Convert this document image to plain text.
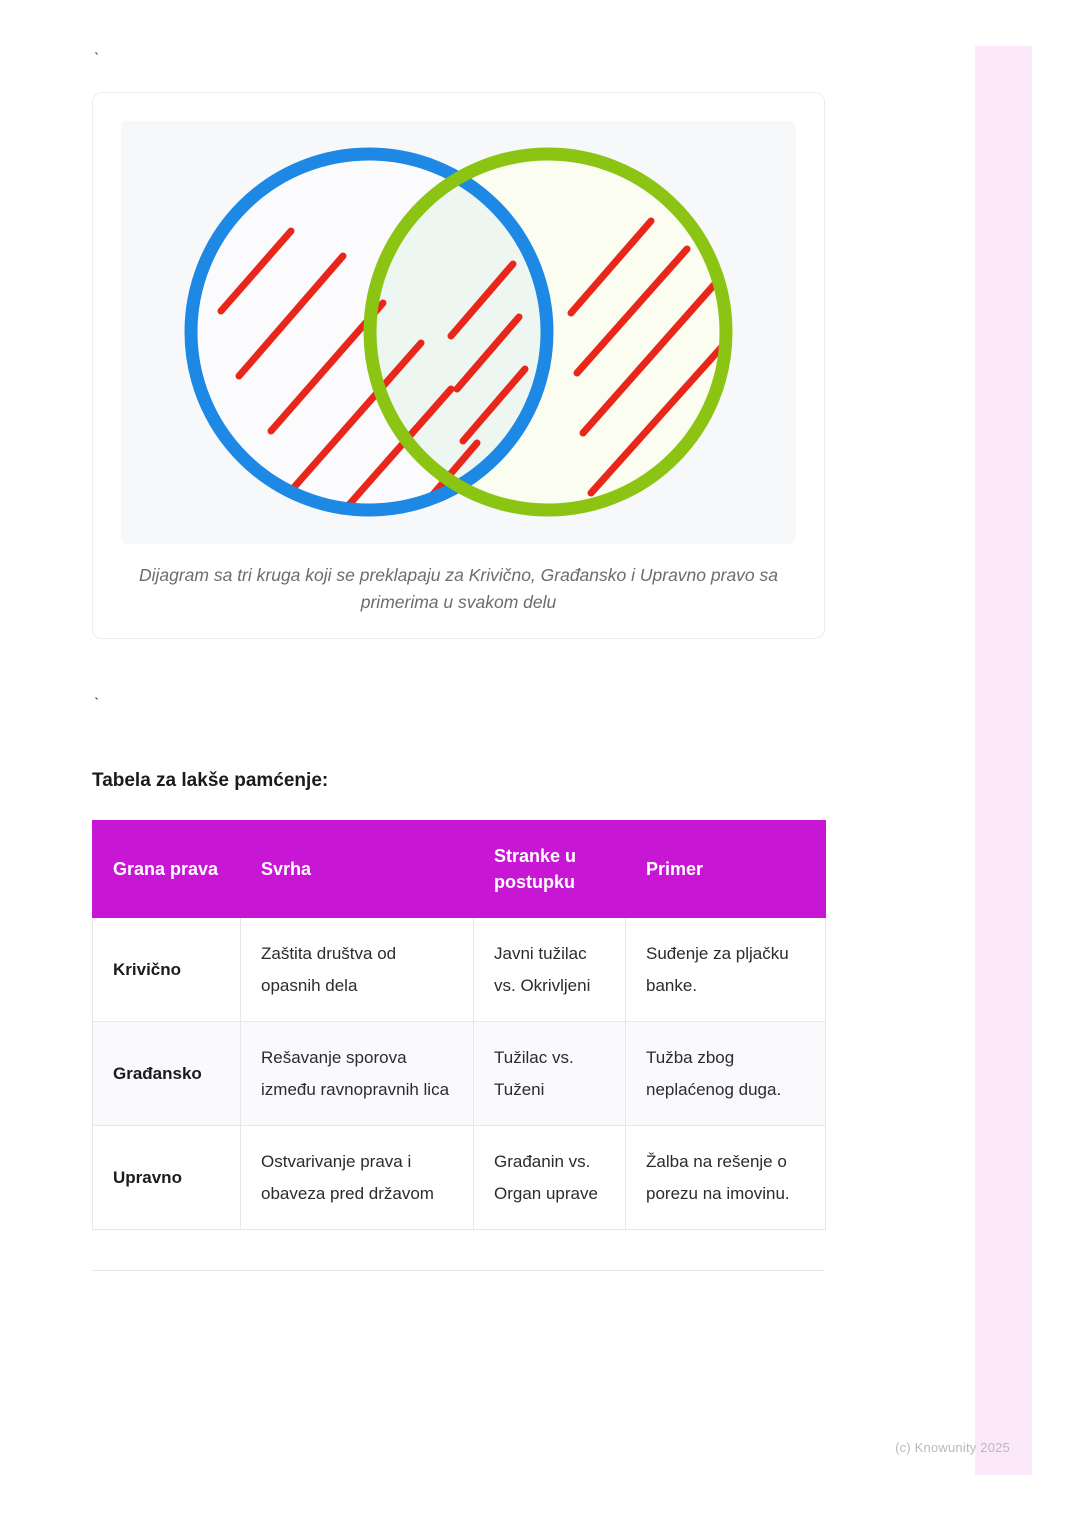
`
Dijagram sa tri kruga koji se preklapaju za Krivično, Građansko i Upravno pravo sa primerima u svakom delu
`
Tabela za lakše pamćenje:
Grana prava	Svrha	Stranke u postupku	Primer
Krivično	Zaštita društva od opasnih dela	Javni tužilac vs. Okrivljeni	Suđenje za pljačku banke.
Građansko	Rešavanje sporova između ravnopravnih lica	Tužilac vs. Tuženi	Tužba zbog neplaćenog duga.
Upravno	Ostvarivanje prava i obaveza pred državom	Građanin vs. Organ uprave	Žalba na rešenje o porezu na imovinu.
(c) Knowunity 2025
